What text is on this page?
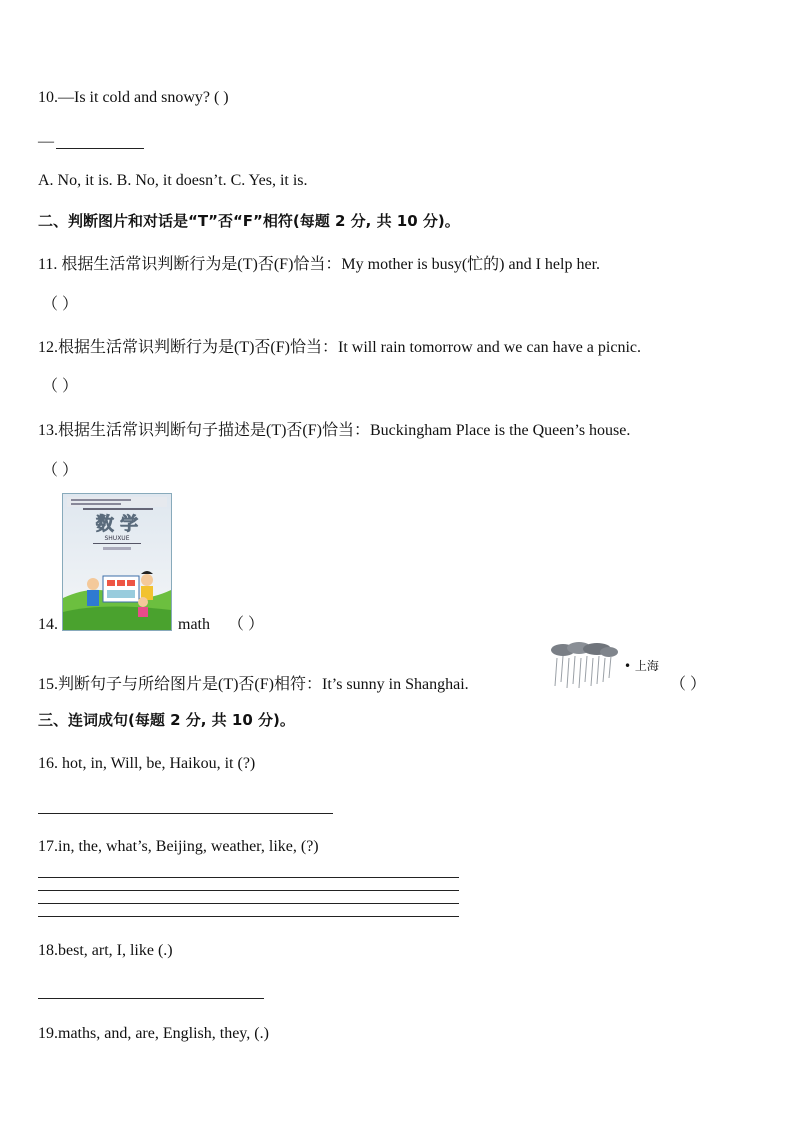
10.—Is it cold and snowy? ( )
—
A. No, it is. B. No, it doesn’t. C. Yes, it is.
二、判断图片和对话是“T”否“F”相符(每题 2 分, 共 10 分)。
11. 根据生活常识判断行为是(T)否(F)恰当：My mother is busy(忙的) and I help her.
（ ）
12.根据生活常识判断行为是(T)否(F)恰当：It will rain tomorrow and we can have a picnic.
（ ）
13.根据生活常识判断句子描述是(T)否(F)恰当：Buckingham Place is the Queen’s house.
（ ）
14.
数 学
SHUXUE
math （ ）
15.判断句子与所给图片是(T)否(F)相符：It’s sunny in Shanghai.
• 上海
（ ）
三、连词成句(每题 2 分, 共 10 分)。
16. hot, in, Will, be, Haikou, it (?)
17.in, the, what’s, Beijing, weather, like, (?)
18.best, art, I, like (.)
19.maths, and, are, English, they, (.)
